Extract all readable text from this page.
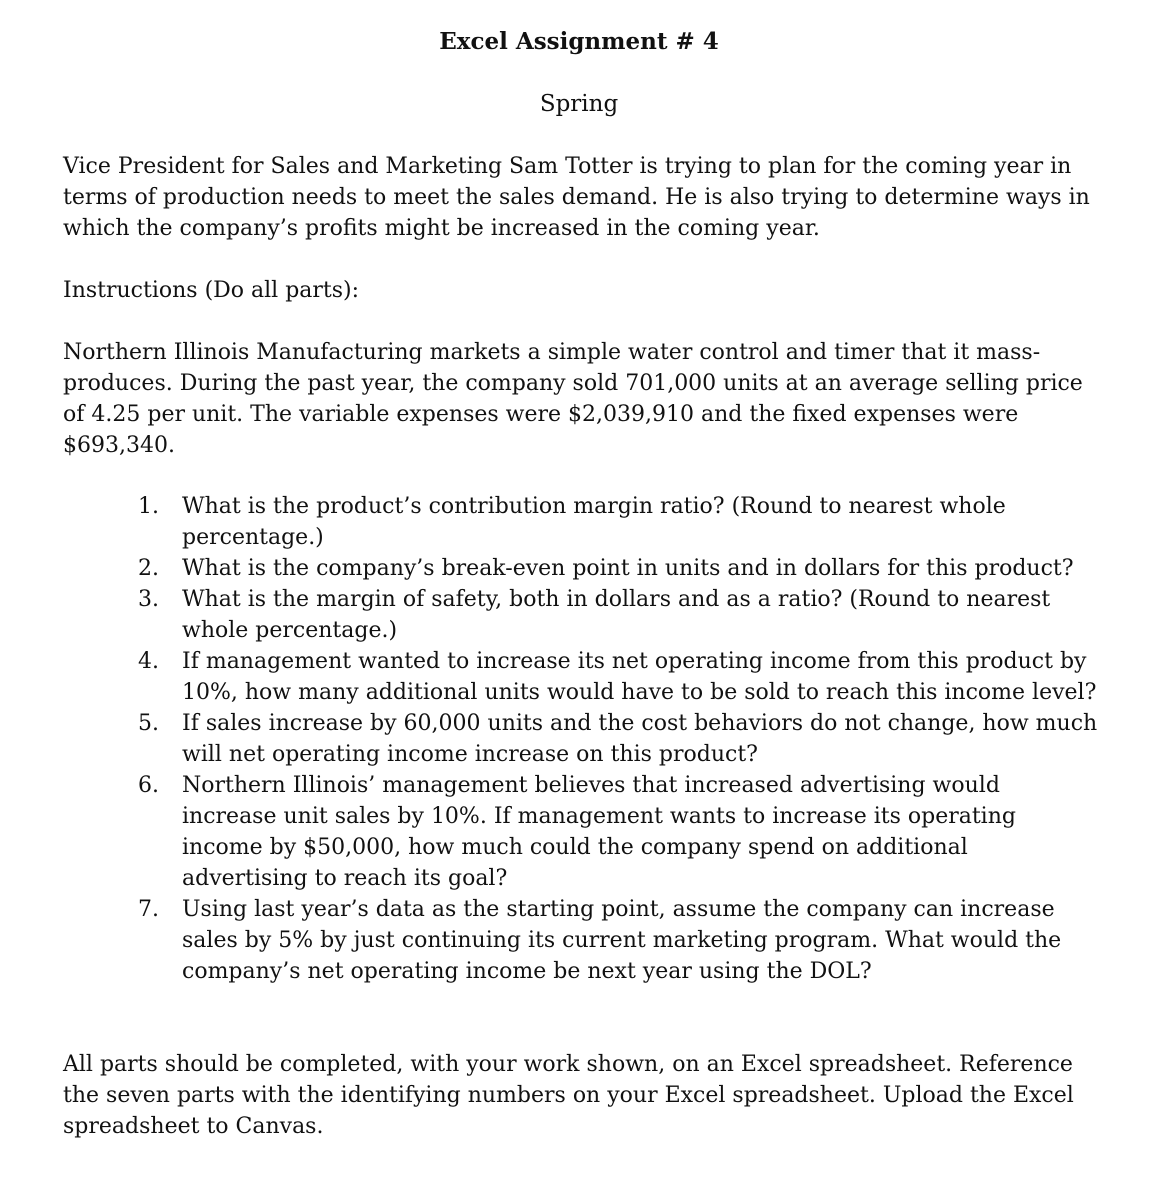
Excel Assignment # 4
Spring

Vice President for Sales and Marketing Sam Totter is trying to plan for the coming year in terms of production needs to meet the sales demand. He is also trying to determine ways in which the company’s profits might be increased in the coming year.

Instructions (Do all parts):

Northern Illinois Manufacturing markets a simple water control and timer that it mass-produces. During the past year, the company sold 701,000 units at an average selling price of 4.25 per unit. The variable expenses were $2,039,910 and the fixed expenses were $693,340.

1.	What is the product’s contribution margin ratio? (Round to nearest whole percentage.)
2.	What is the company’s break-even point in units and in dollars for this product?
3.	What is the margin of safety, both in dollars and as a ratio? (Round to nearest whole percentage.)
4.	If management wanted to increase its net operating income from this product by 10%, how many additional units would have to be sold to reach this income level?
5.	If sales increase by 60,000 units and the cost behaviors do not change, how much will net operating income increase on this product?
6.	Northern Illinois’ management believes that increased advertising would increase unit sales by 10%. If management wants to increase its operating income by $50,000, how much could the company spend on additional advertising to reach its goal?
7.	Using last year’s data as the starting point, assume the company can increase sales by 5% by just continuing its current marketing program. What would the company’s net operating income be next year using the DOL?

All parts should be completed, with your work shown, on an Excel spreadsheet. Reference the seven parts with the identifying numbers on your Excel spreadsheet. Upload the Excel spreadsheet to Canvas.
